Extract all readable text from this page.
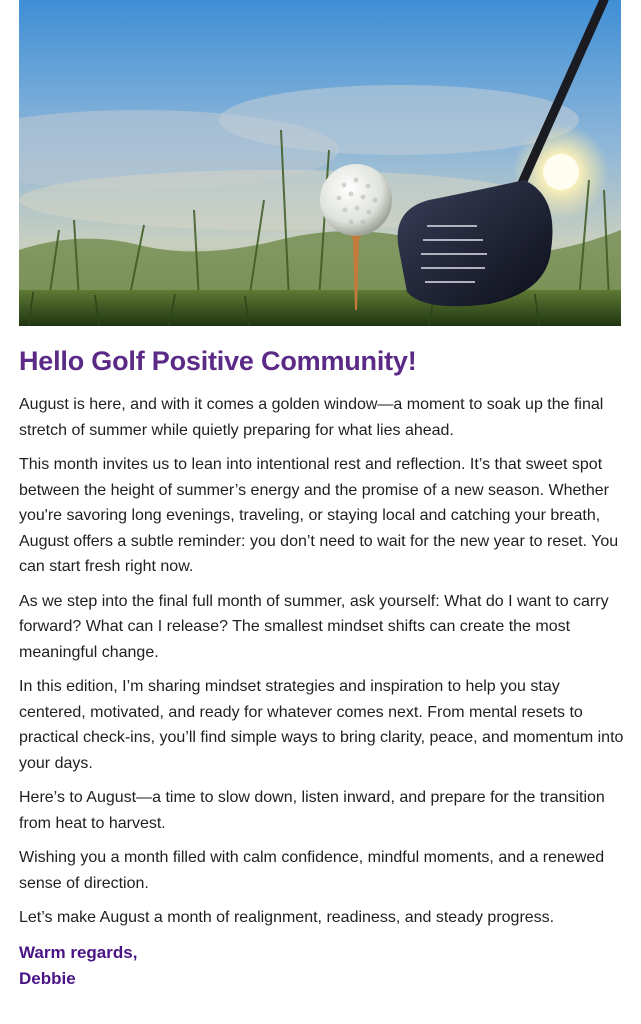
Hello Golf Positive Community!

August is here, and with it comes a golden window—a moment to soak up the final stretch of summer while quietly preparing for what lies ahead.

This month invites us to lean into intentional rest and reflection. It’s that sweet spot between the height of summer’s energy and the promise of a new season. Whether you're savoring long evenings, traveling, or staying local and catching your breath, August offers a subtle reminder: you don’t need to wait for the new year to reset. You can start fresh right now.

As we step into the final full month of summer, ask yourself: What do I want to carry forward? What can I release? The smallest mindset shifts can create the most meaningful change.

In this edition, I’m sharing mindset strategies and inspiration to help you stay centered, motivated, and ready for whatever comes next. From mental resets to practical check-ins, you’ll find simple ways to bring clarity, peace, and momentum into your days.

Here’s to August—a time to slow down, listen inward, and prepare for the transition from heat to harvest.

Wishing you a month filled with calm confidence, mindful moments, and a renewed sense of direction.

Let’s make August a month of realignment, readiness, and steady progress.

Warm regards,
Debbie
